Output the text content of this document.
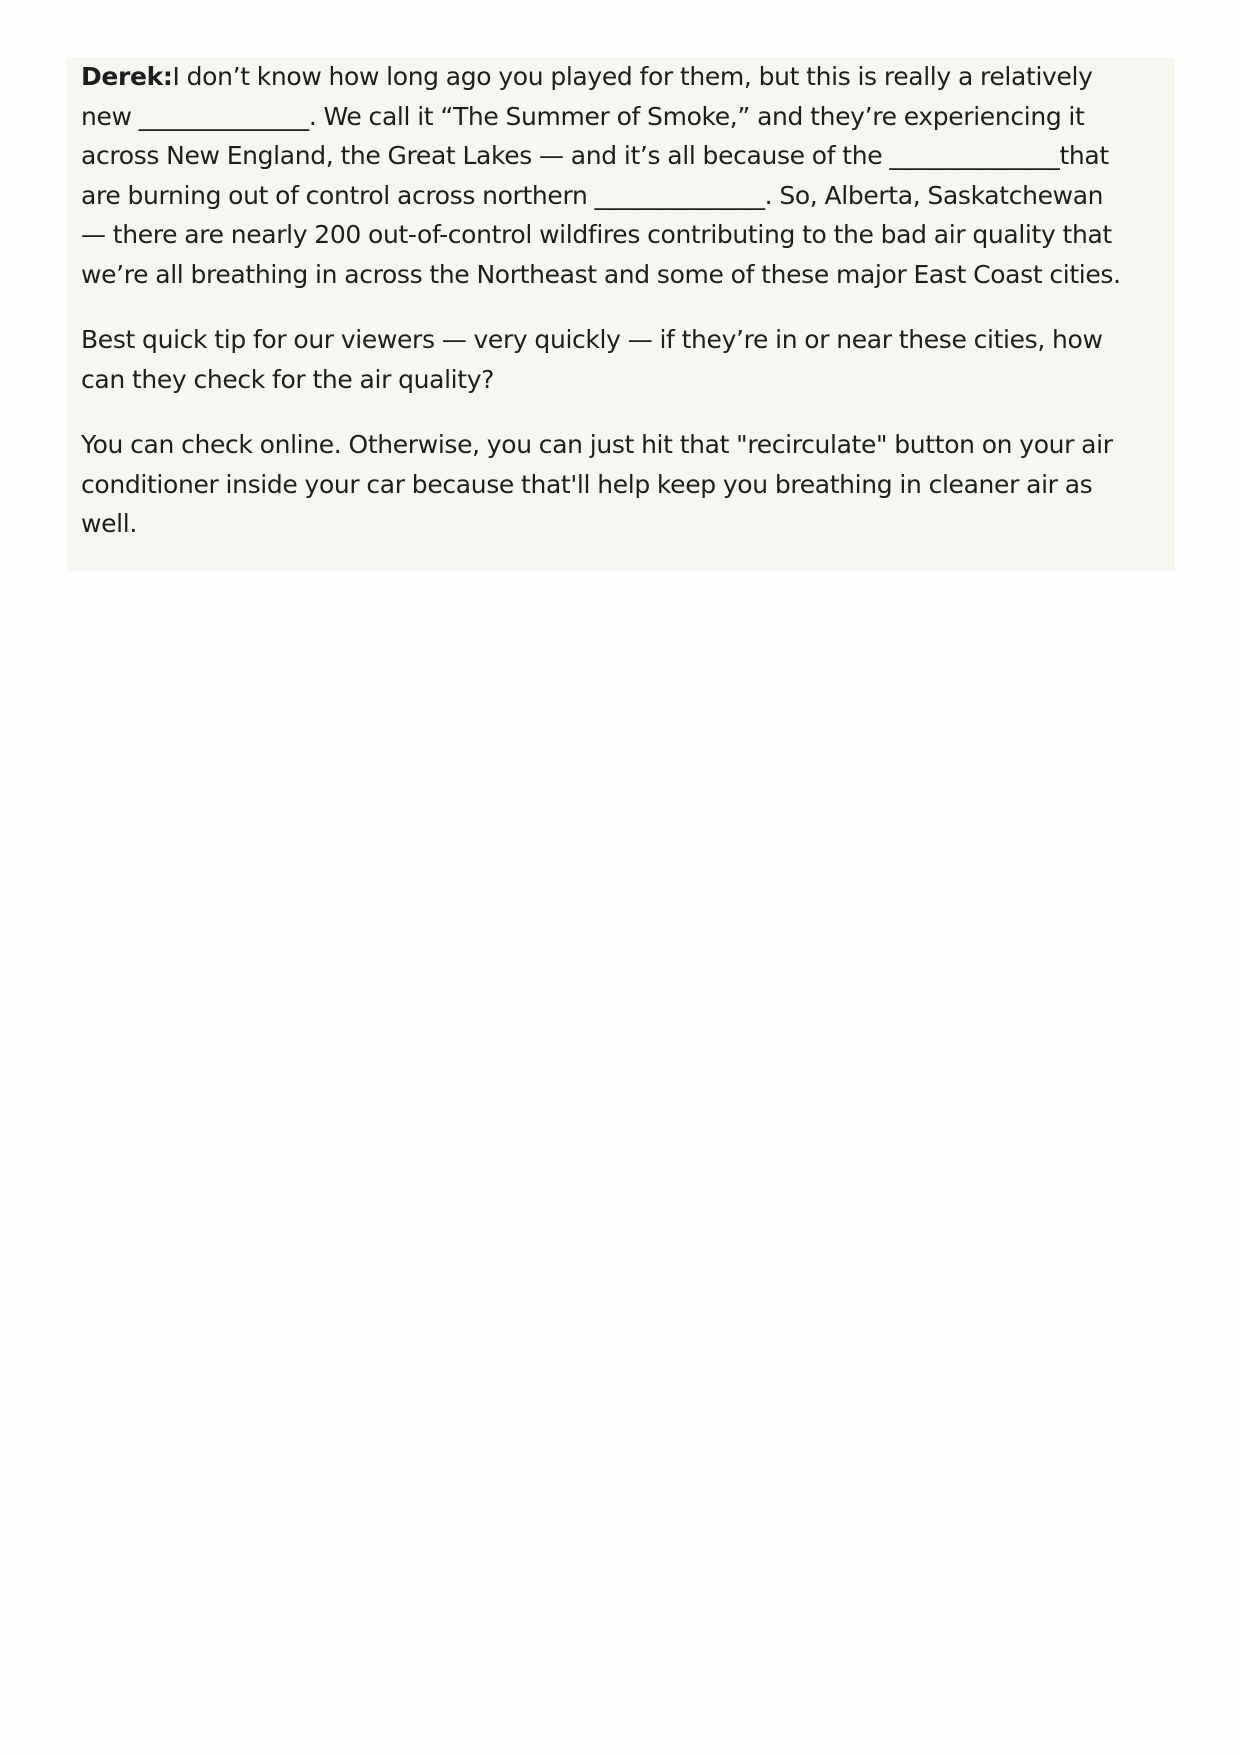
Derek:I don’t know how long ago you played for them, but this is really a relatively
new ______________. We call it “The Summer of Smoke,” and they’re experiencing it
across New England, the Great Lakes — and it’s all because of the ______________that
are burning out of control across northern ______________. So, Alberta, Saskatchewan
— there are nearly 200 out-of-control wildfires contributing to the bad air quality that
we’re all breathing in across the Northeast and some of these major East Coast cities.

Best quick tip for our viewers — very quickly — if they’re in or near these cities, how
can they check for the air quality?

You can check online. Otherwise, you can just hit that "recirculate" button on your air
conditioner inside your car because that'll help keep you breathing in cleaner air as
well.
